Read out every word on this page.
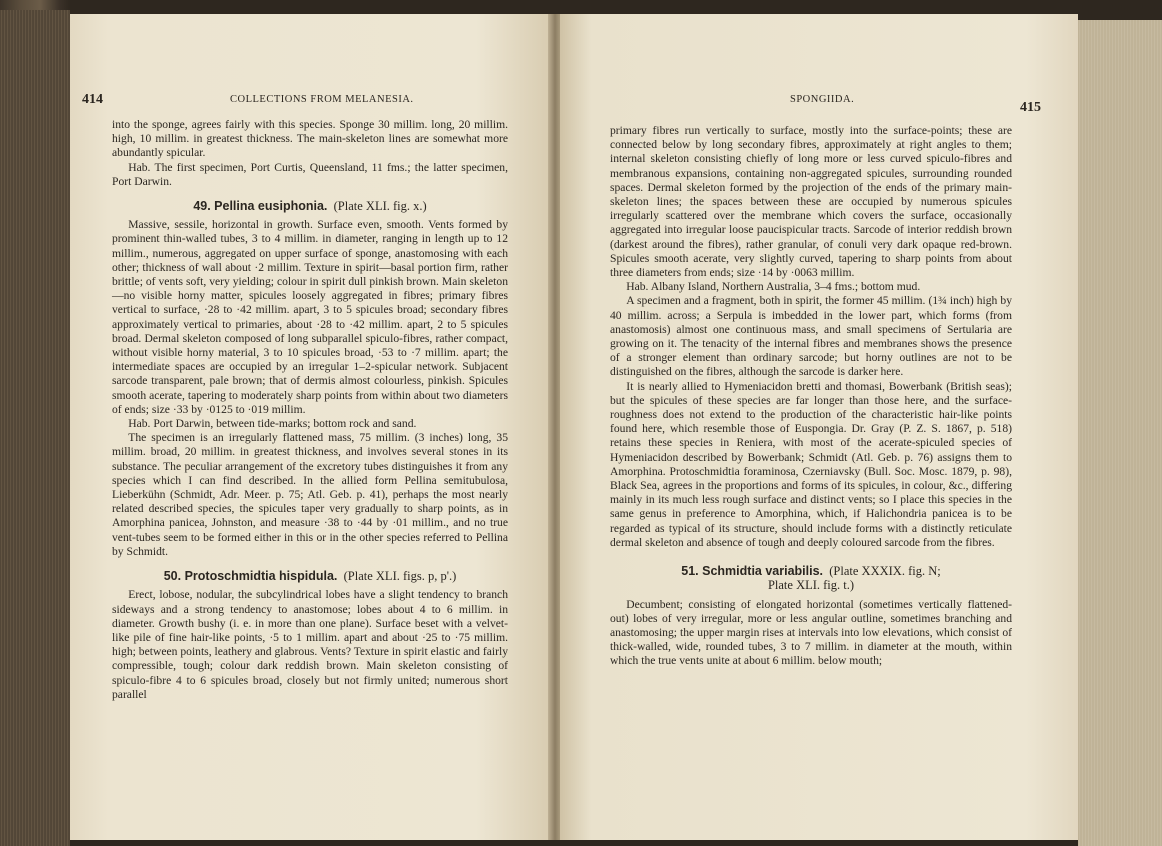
414	COLLECTIONS FROM MELANESIA.

into the sponge, agrees fairly with this species. Sponge 30 millim. long, 20 millim. high, 10 millim. in greatest thickness. The main-skeleton lines are somewhat more abundantly spicular.

Hab. The first specimen, Port Curtis, Queensland, 11 fms.; the latter specimen, Port Darwin.

49. Pellina eusiphonia. (Plate XLI. fig. x.)

Massive, sessile, horizontal in growth. Surface even, smooth. Vents formed by prominent thin-walled tubes, 3 to 4 millim. in diameter, ranging in length up to 12 millim., numerous, aggregated on upper surface of sponge, anastomosing with each other; thickness of wall about ·2 millim. Texture in spirit—basal portion firm, rather brittle; of vents soft, very yielding; colour in spirit dull pinkish brown. Main skeleton—no visible horny matter, spicules loosely aggregated in fibres; primary fibres vertical to surface, ·28 to ·42 millim. apart, 3 to 5 spicules broad; secondary fibres approximately vertical to primaries, about ·28 to ·42 millim. apart, 2 to 5 spicules broad. Dermal skeleton composed of long subparallel spiculo-fibres, rather compact, without visible horny material, 3 to 10 spicules broad, ·53 to ·7 millim. apart; the intermediate spaces are occupied by an irregular 1–2-spicular network. Subjacent sarcode transparent, pale brown; that of dermis almost colourless, pinkish. Spicules smooth acerate, tapering to moderately sharp points from within about two diameters of ends; size ·33 by ·0125 to ·019 millim.

Hab. Port Darwin, between tide-marks; bottom rock and sand.

The specimen is an irregularly flattened mass, 75 millim. (3 inches) long, 35 millim. broad, 20 millim. in greatest thickness, and involves several stones in its substance. The peculiar arrangement of the excretory tubes distinguishes it from any species which I can find described. In the allied form Pellina semitubulosa, Lieberkühn (Schmidt, Adr. Meer. p. 75; Atl. Geb. p. 41), perhaps the most nearly related described species, the spicules taper very gradually to sharp points, as in Amorphina panicea, Johnston, and measure ·38 to ·44 by ·01 millim., and no true vent-tubes seem to be formed either in this or in the other species referred to Pellina by Schmidt.

50. Protoschmidtia hispidula. (Plate XLI. figs. p, p'.)

Erect, lobose, nodular, the subcylindrical lobes have a slight tendency to branch sideways and a strong tendency to anastomose; lobes about 4 to 6 millim. in diameter. Growth bushy (i. e. in more than one plane). Surface beset with a velvet-like pile of fine hair-like points, ·5 to 1 millim. apart and about ·25 to ·75 millim. high; between points, leathery and glabrous. Vents? Texture in spirit elastic and fairly compressible, tough; colour dark reddish brown. Main skeleton consisting of spiculo-fibre 4 to 6 spicules broad, closely but not firmly united; numerous short parallel

SPONGIIDA.
415

primary fibres run vertically to surface, mostly into the surface-points; these are connected below by long secondary fibres, approximately at right angles to them; internal skeleton consisting chiefly of long more or less curved spiculo-fibres and membranous expansions, containing non-aggregated spicules, surrounding rounded spaces. Dermal skeleton formed by the projection of the ends of the primary main-skeleton lines; the spaces between these are occupied by numerous spicules irregularly scattered over the membrane which covers the surface, occasionally aggregated into irregular loose paucispicular tracts. Sarcode of interior reddish brown (darkest around the fibres), rather granular, of conuli very dark opaque red-brown. Spicules smooth acerate, very slightly curved, tapering to sharp points from about three diameters from ends; size ·14 by ·0063 millim.

Hab. Albany Island, Northern Australia, 3–4 fms.; bottom mud.

A specimen and a fragment, both in spirit, the former 45 millim. (1¾ inch) high by 40 millim. across; a Serpula is imbedded in the lower part, which forms (from anastomosis) almost one continuous mass, and small specimens of Sertularia are growing on it. The tenacity of the internal fibres and membranes shows the presence of a stronger element than ordinary sarcode; but horny outlines are not to be distinguished on the fibres, although the sarcode is darker here.

It is nearly allied to Hymeniacidon bretti and thomasi, Bowerbank (British seas); but the spicules of these species are far longer than those here, and the surface-roughness does not extend to the production of the characteristic hair-like points found here, which resemble those of Euspongia. Dr. Gray (P. Z. S. 1867, p. 518) retains these species in Reniera, with most of the acerate-spiculed species of Hymeniacidon described by Bowerbank; Schmidt (Atl. Geb. p. 76) assigns them to Amorphina. Protoschmidtia foraminosa, Czerniavsky (Bull. Soc. Mosc. 1879, p. 98), Black Sea, agrees in the proportions and forms of its spicules, in colour, &c., differing mainly in its much less rough surface and distinct vents; so I place this species in the same genus in preference to Amorphina, which, if Halichondria panicea is to be regarded as typical of its structure, should include forms with a distinctly reticulate dermal skeleton and absence of tough and deeply coloured sarcode from the fibres.

51. Schmidtia variabilis. (Plate XXXIX. fig. N;
Plate XLI. fig. t.)

Decumbent; consisting of elongated horizontal (sometimes vertically flattened-out) lobes of very irregular, more or less angular outline, sometimes branching and anastomosing; the upper margin rises at intervals into low elevations, which consist of thick-walled, wide, rounded tubes, 3 to 7 millim. in diameter at the mouth, within which the true vents unite at about 6 millim. below mouth;
